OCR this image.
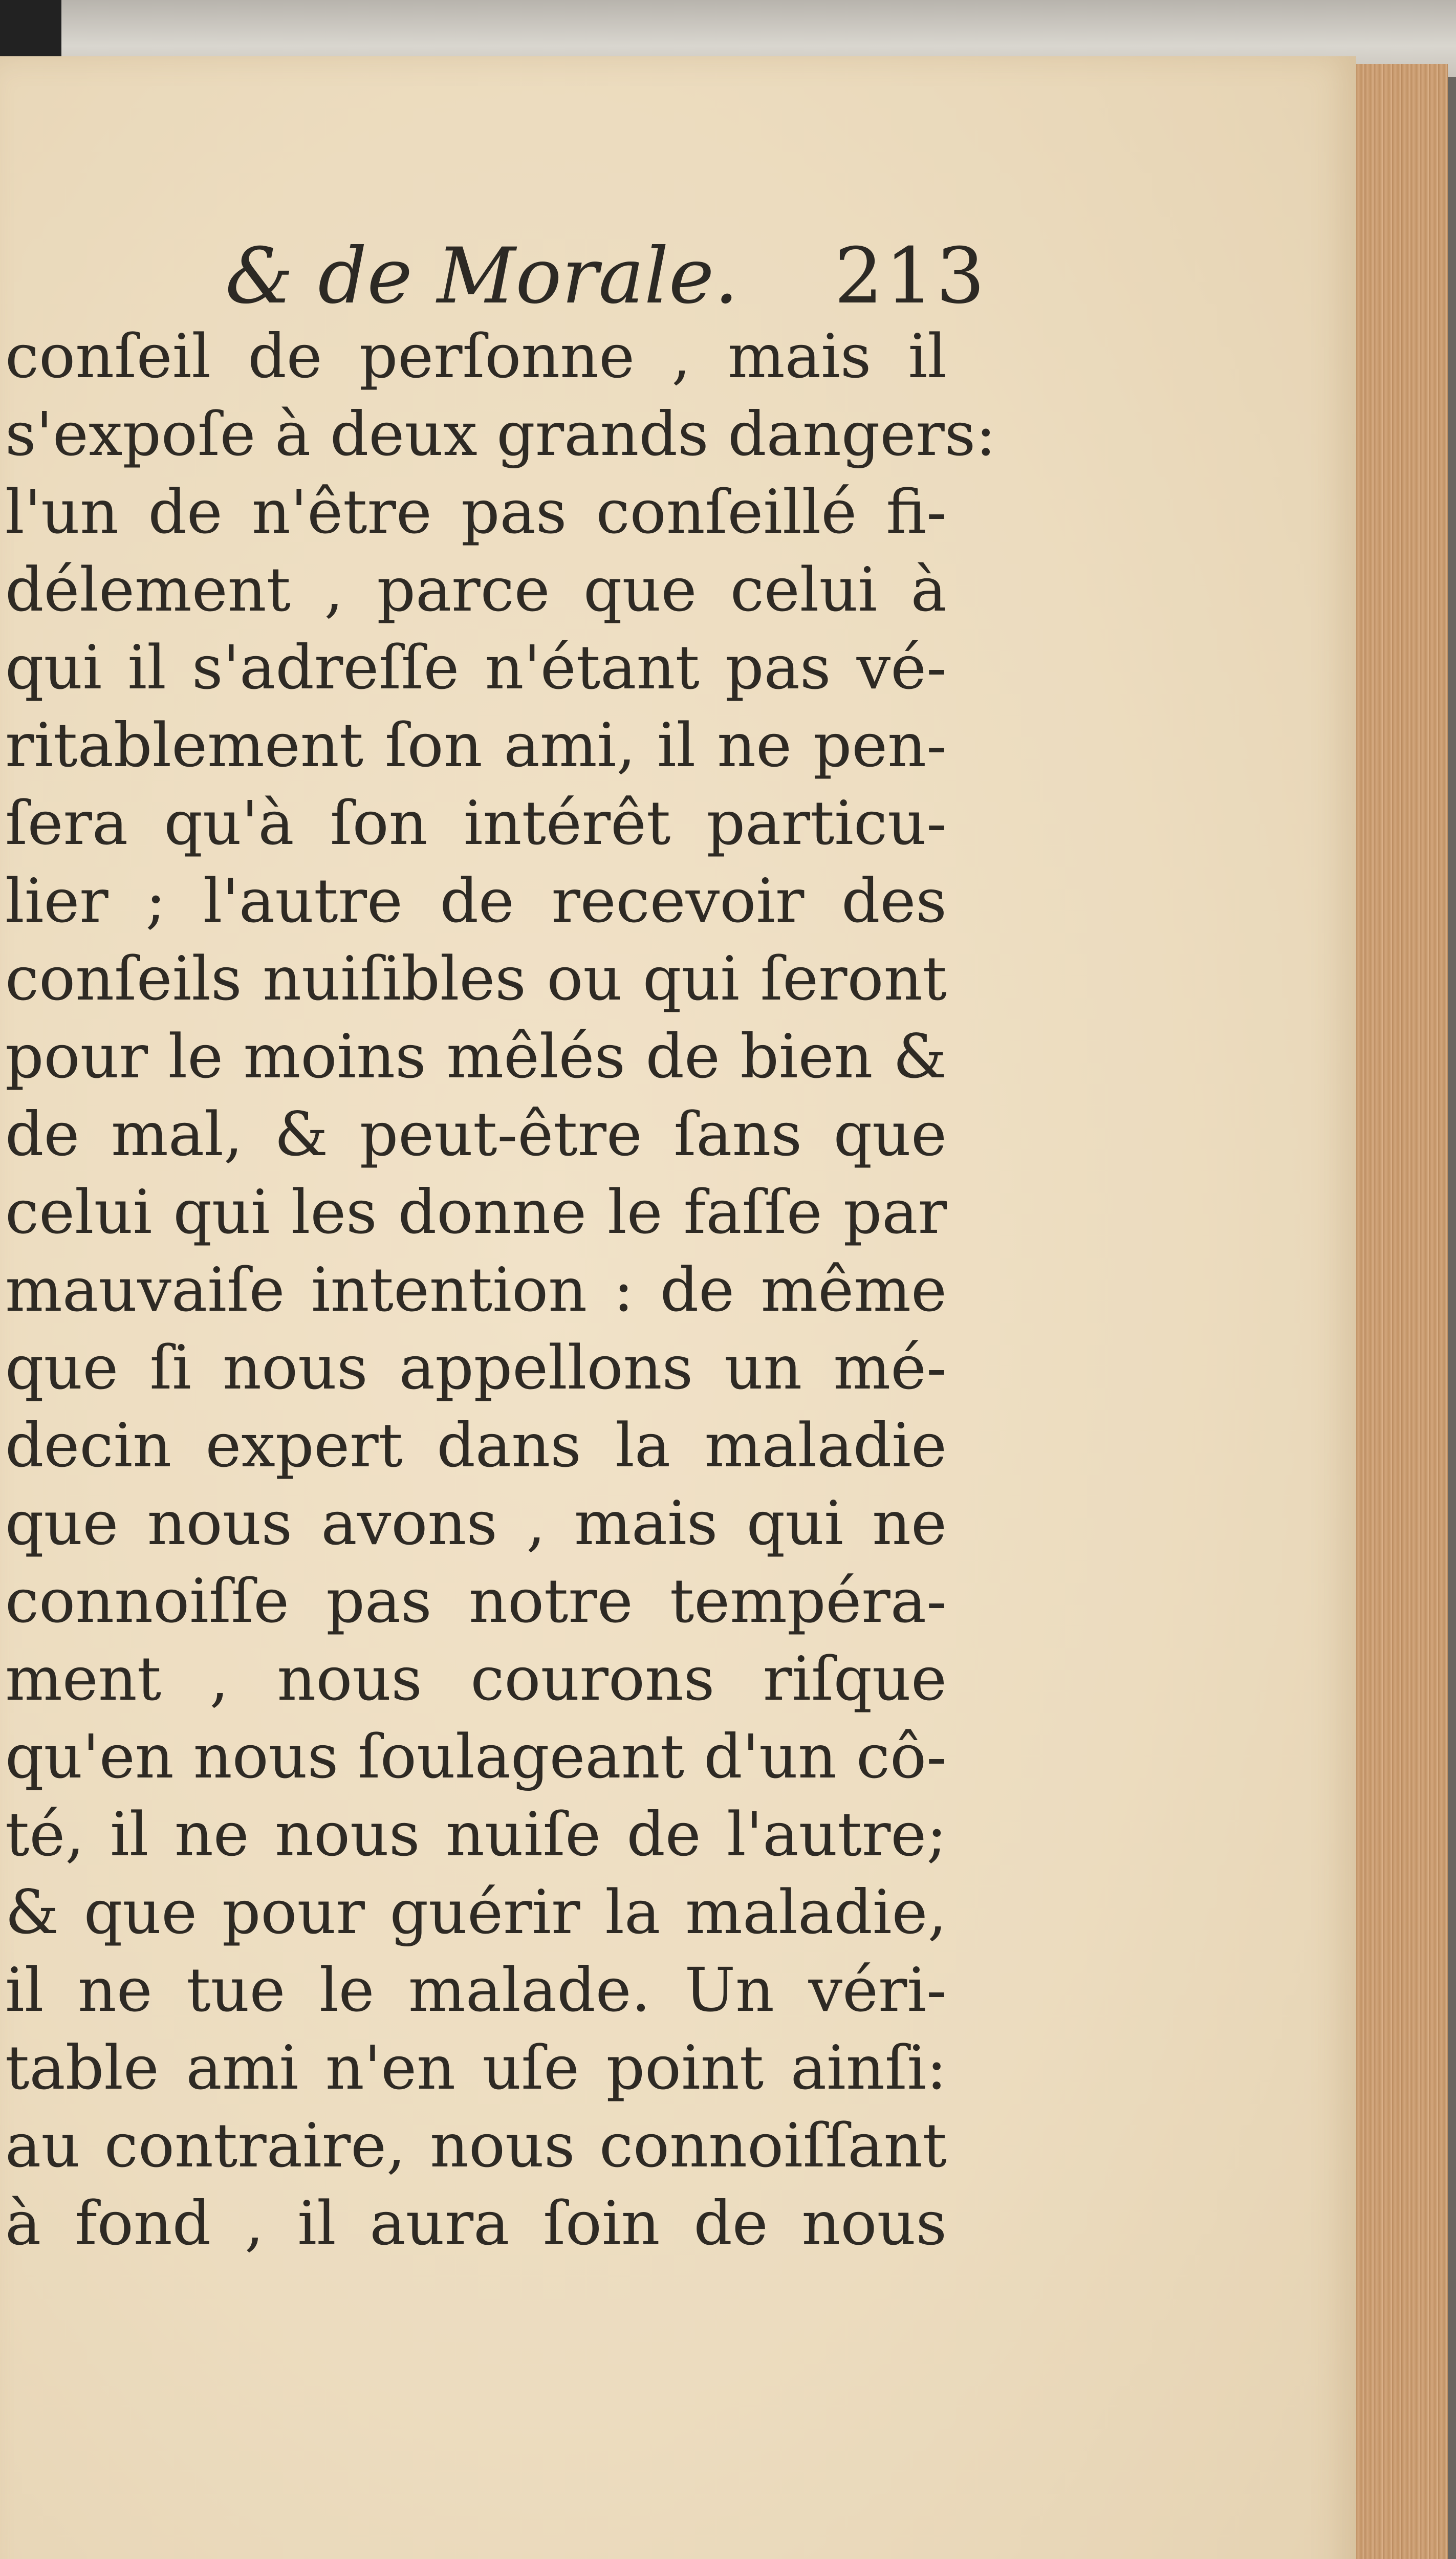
& de Morale. 213
conſeil de perſonne , mais il
s'expoſe à deux grands dangers:
l'un de n'être pas conſeillé fi-
délement , parce que celui à
qui il s'adreſſe n'étant pas vé-
ritablement ſon ami, il ne pen-
ſera qu'à ſon intérêt particu-
lier ; l'autre de recevoir des
conſeils nuiſibles ou qui ſeront
pour le moins mêlés de bien &
de mal, & peut-être ſans que
celui qui les donne le faſſe par
mauvaiſe intention : de même
que ſi nous appellons un mé-
decin expert dans la maladie
que nous avons , mais qui ne
connoiſſe pas notre tempéra-
ment , nous courons riſque
qu'en nous ſoulageant d'un cô-
té, il ne nous nuiſe de l'autre;
& que pour guérir la maladie,
il ne tue le malade. Un véri-
table ami n'en uſe point ainſi:
au contraire, nous connoiſſant
à fond , il aura ſoin de nous
